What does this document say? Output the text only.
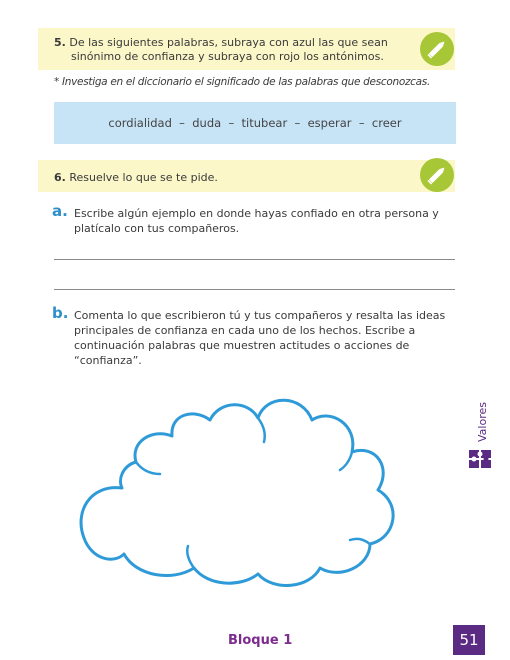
5. De las siguientes palabras, subraya con azul las que sean
sinónimo de confianza y subraya con rojo los antónimos.
* Investiga en el diccionario el significado de las palabras que desconozcas.
cordialidad  –  duda  –  titubear  –  esperar  –  creer
6. Resuelve lo que se te pide.
a. Escribe algún ejemplo en donde hayas confiado en otra persona y
platícalo con tus compañeros.
b. Comenta lo que escribieron tú y tus compañeros y resalta las ideas
principales de confianza en cada uno de los hechos. Escribe a
continuación palabras que muestren actitudes o acciones de
“confianza”.
Valores
Bloque 1	51
